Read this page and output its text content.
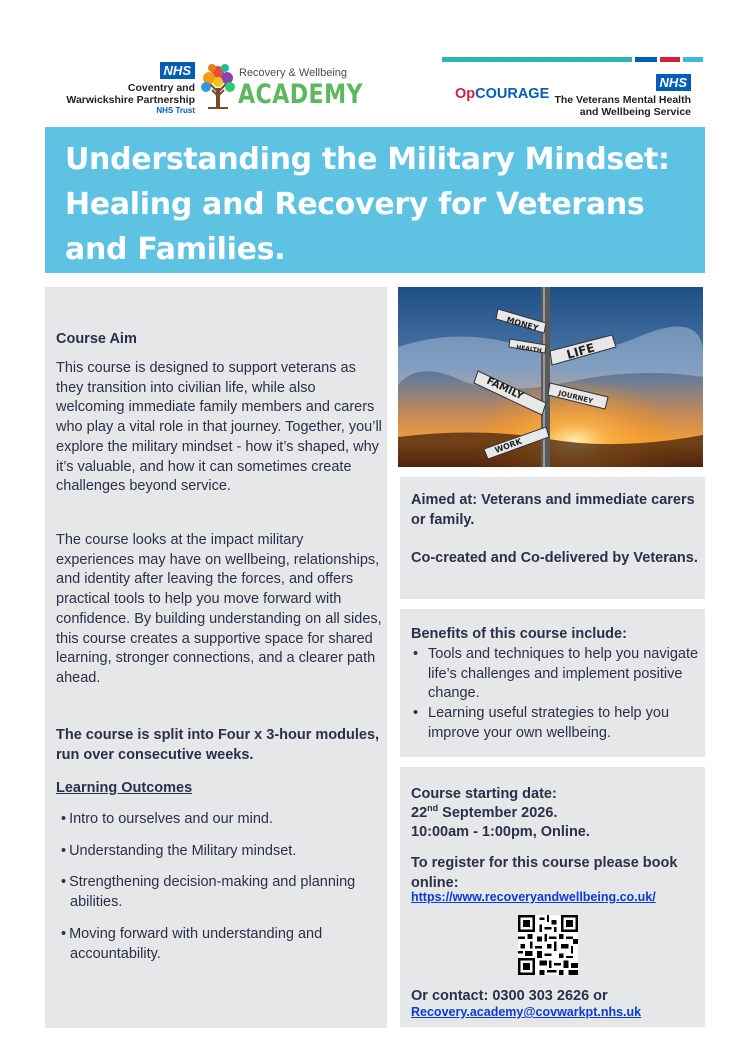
NHS
Coventry and
Warwickshire Partnership
NHS Trust
Recovery & Wellbeing
ACADEMY	OpCOURAGE
NHS
The Veterans Mental Health
and Wellbeing Service
Understanding the Military Mindset: Healing and Recovery for Veterans and Families.
Course Aim
This course is designed to support veterans as they transition into civilian life, while also welcoming immediate family members and carers who play a vital role in that journey. Together, you’ll explore the military mindset - how it’s shaped, why it’s valuable, and how it can sometimes create challenges beyond service.
The course looks at the impact military experiences may have on wellbeing, relationships, and identity after leaving the forces, and offers practical tools to help you move forward with confidence. By building understanding on all sides, this course creates a supportive space for shared learning, stronger connections, and a clearer path ahead.
The course is split into Four x 3-hour modules, run over consecutive weeks.
Learning Outcomes
• Intro to ourselves and our mind.
• Understanding the Military mindset.
• Strengthening decision-making and planning abilities.
• Moving forward with understanding and accountability.
MONEY
HEALTH LIFE
FAMILY	JOURNEY
WORK
Aimed at: Veterans and immediate carers or family.
Co-created and Co-delivered by Veterans.
Benefits of this course include:
• Tools and techniques to help you navigate life’s challenges and implement positive change.
• Learning useful strategies to help you improve your own wellbeing.
Course starting date:
22nd September 2026.
10:00am - 1:00pm, Online.
To register for this course please book online:
https://www.recoveryandwellbeing.co.uk/
Or contact: 0300 303 2626 or
Recovery.academy@covwarkpt.nhs.uk
